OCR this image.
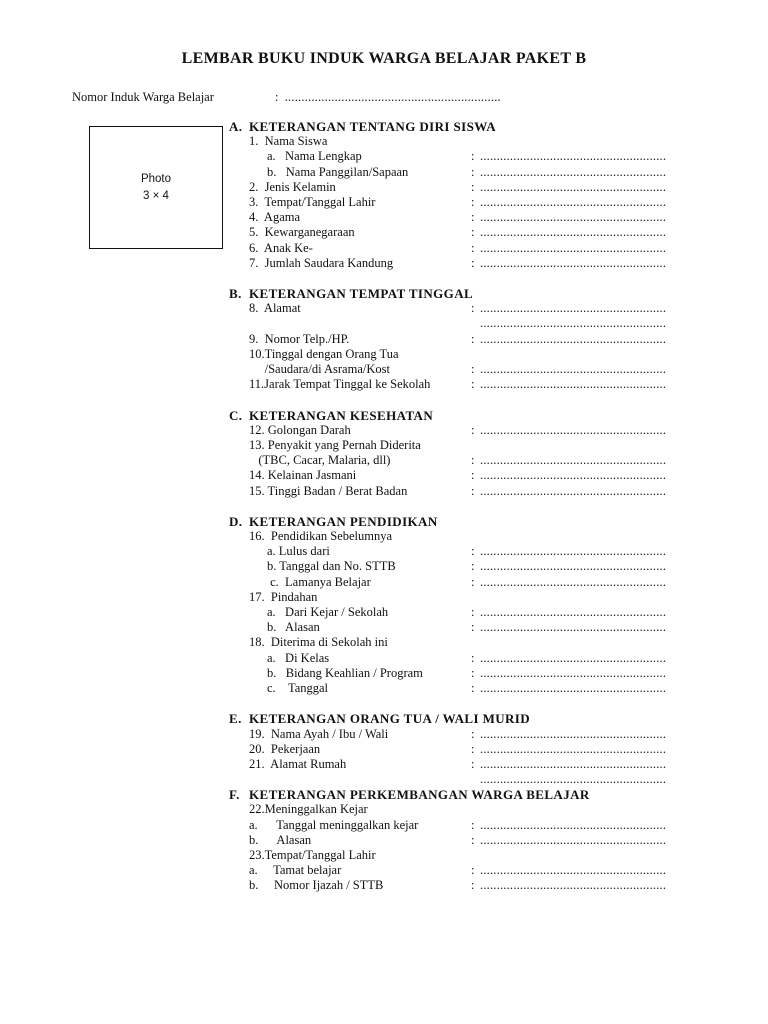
LEMBAR BUKU INDUK WARGA BELAJAR PAKET B
Nomor Induk Warga Belajar	: .................................................................
Photo
3 × 4
A. KETERANGAN TENTANG DIRI SISWA
1.  Nama Siswa
a.   Nama Lengkap	: ........................................................
b.   Nama Panggilan/Sapaan	: ........................................................
2.  Jenis Kelamin	: ........................................................
3.  Tempat/Tanggal Lahir	: ........................................................
4.  Agama	: ........................................................
5.  Kewarganegaraan	: ........................................................
6.  Anak Ke-	: ........................................................
7.  Jumlah Saudara Kandung	: ........................................................
B. KETERANGAN TEMPAT TINGGAL
8.  Alamat	: ........................................................
........................................................
9.  Nomor Telp./HP.	: ........................................................
10.Tinggal dengan Orang Tua
/Saudara/di Asrama/Kost	: ........................................................
11.Jarak Tempat Tinggal ke Sekolah	: ........................................................
C. KETERANGAN KESEHATAN
12. Golongan Darah	: ........................................................
13. Penyakit yang Pernah Diderita
(TBC, Cacar, Malaria, dll)	: ........................................................
14. Kelainan Jasmani	: ........................................................
15. Tinggi Badan / Berat Badan	: ........................................................
D. KETERANGAN PENDIDIKAN
16.  Pendidikan Sebelumnya
a. Lulus dari	: ........................................................
b. Tanggal dan No. STTB	: ........................................................
c.  Lamanya Belajar	: ........................................................
17.  Pindahan
a.   Dari Kejar / Sekolah	: ........................................................
b.   Alasan	: ........................................................
18.  Diterima di Sekolah ini
a.   Di Kelas	: ........................................................
b.   Bidang Keahlian / Program	: ........................................................
c.    Tanggal	: ........................................................
E. KETERANGAN ORANG TUA / WALI MURID
19.  Nama Ayah / Ibu / Wali	: ........................................................
20.  Pekerjaan	: ........................................................
21.  Alamat Rumah	: ........................................................
........................................................
F. KETERANGAN PERKEMBANGAN WARGA BELAJAR
22.Meninggalkan Kejar
a.      Tanggal meninggalkan kejar	: ........................................................
b.      Alasan	: ........................................................
23.Tempat/Tanggal Lahir
a.     Tamat belajar	: ........................................................
b.     Nomor Ijazah / STTB	: ........................................................
